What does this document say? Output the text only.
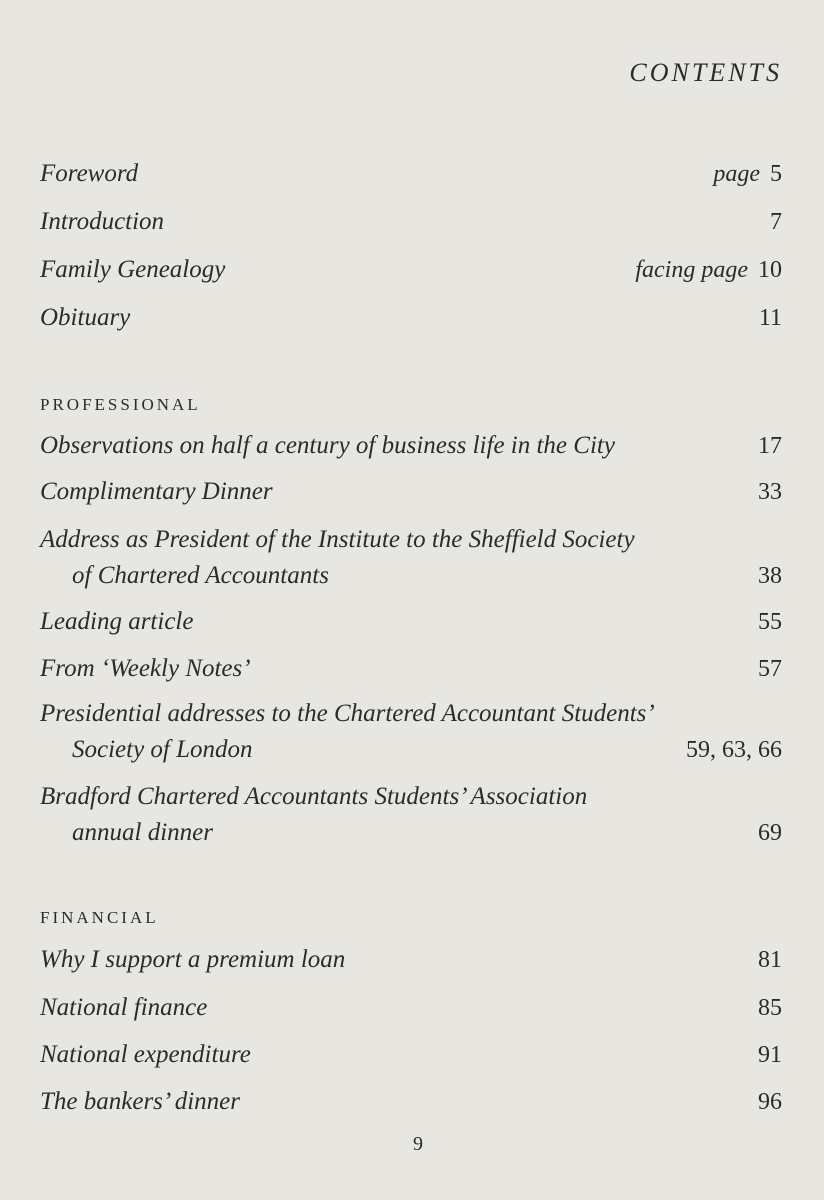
CONTENTS
Foreword	page 5
Introduction	7
Family Genealogy	facing page 10
Obituary	11
PROFESSIONAL
Observations on half a century of business life in the City	17
Complimentary Dinner	33
Address as President of the Institute to the Sheffield Society
of Chartered Accountants	38
Leading article	55
From ‘Weekly Notes’	57
Presidential addresses to the Chartered Accountant Students’
Society of London	59, 63, 66
Bradford Chartered Accountants Students’ Association
annual dinner	69
FINANCIAL
Why I support a premium loan	81
National finance	85
National expenditure	91
The bankers’ dinner	96
9
